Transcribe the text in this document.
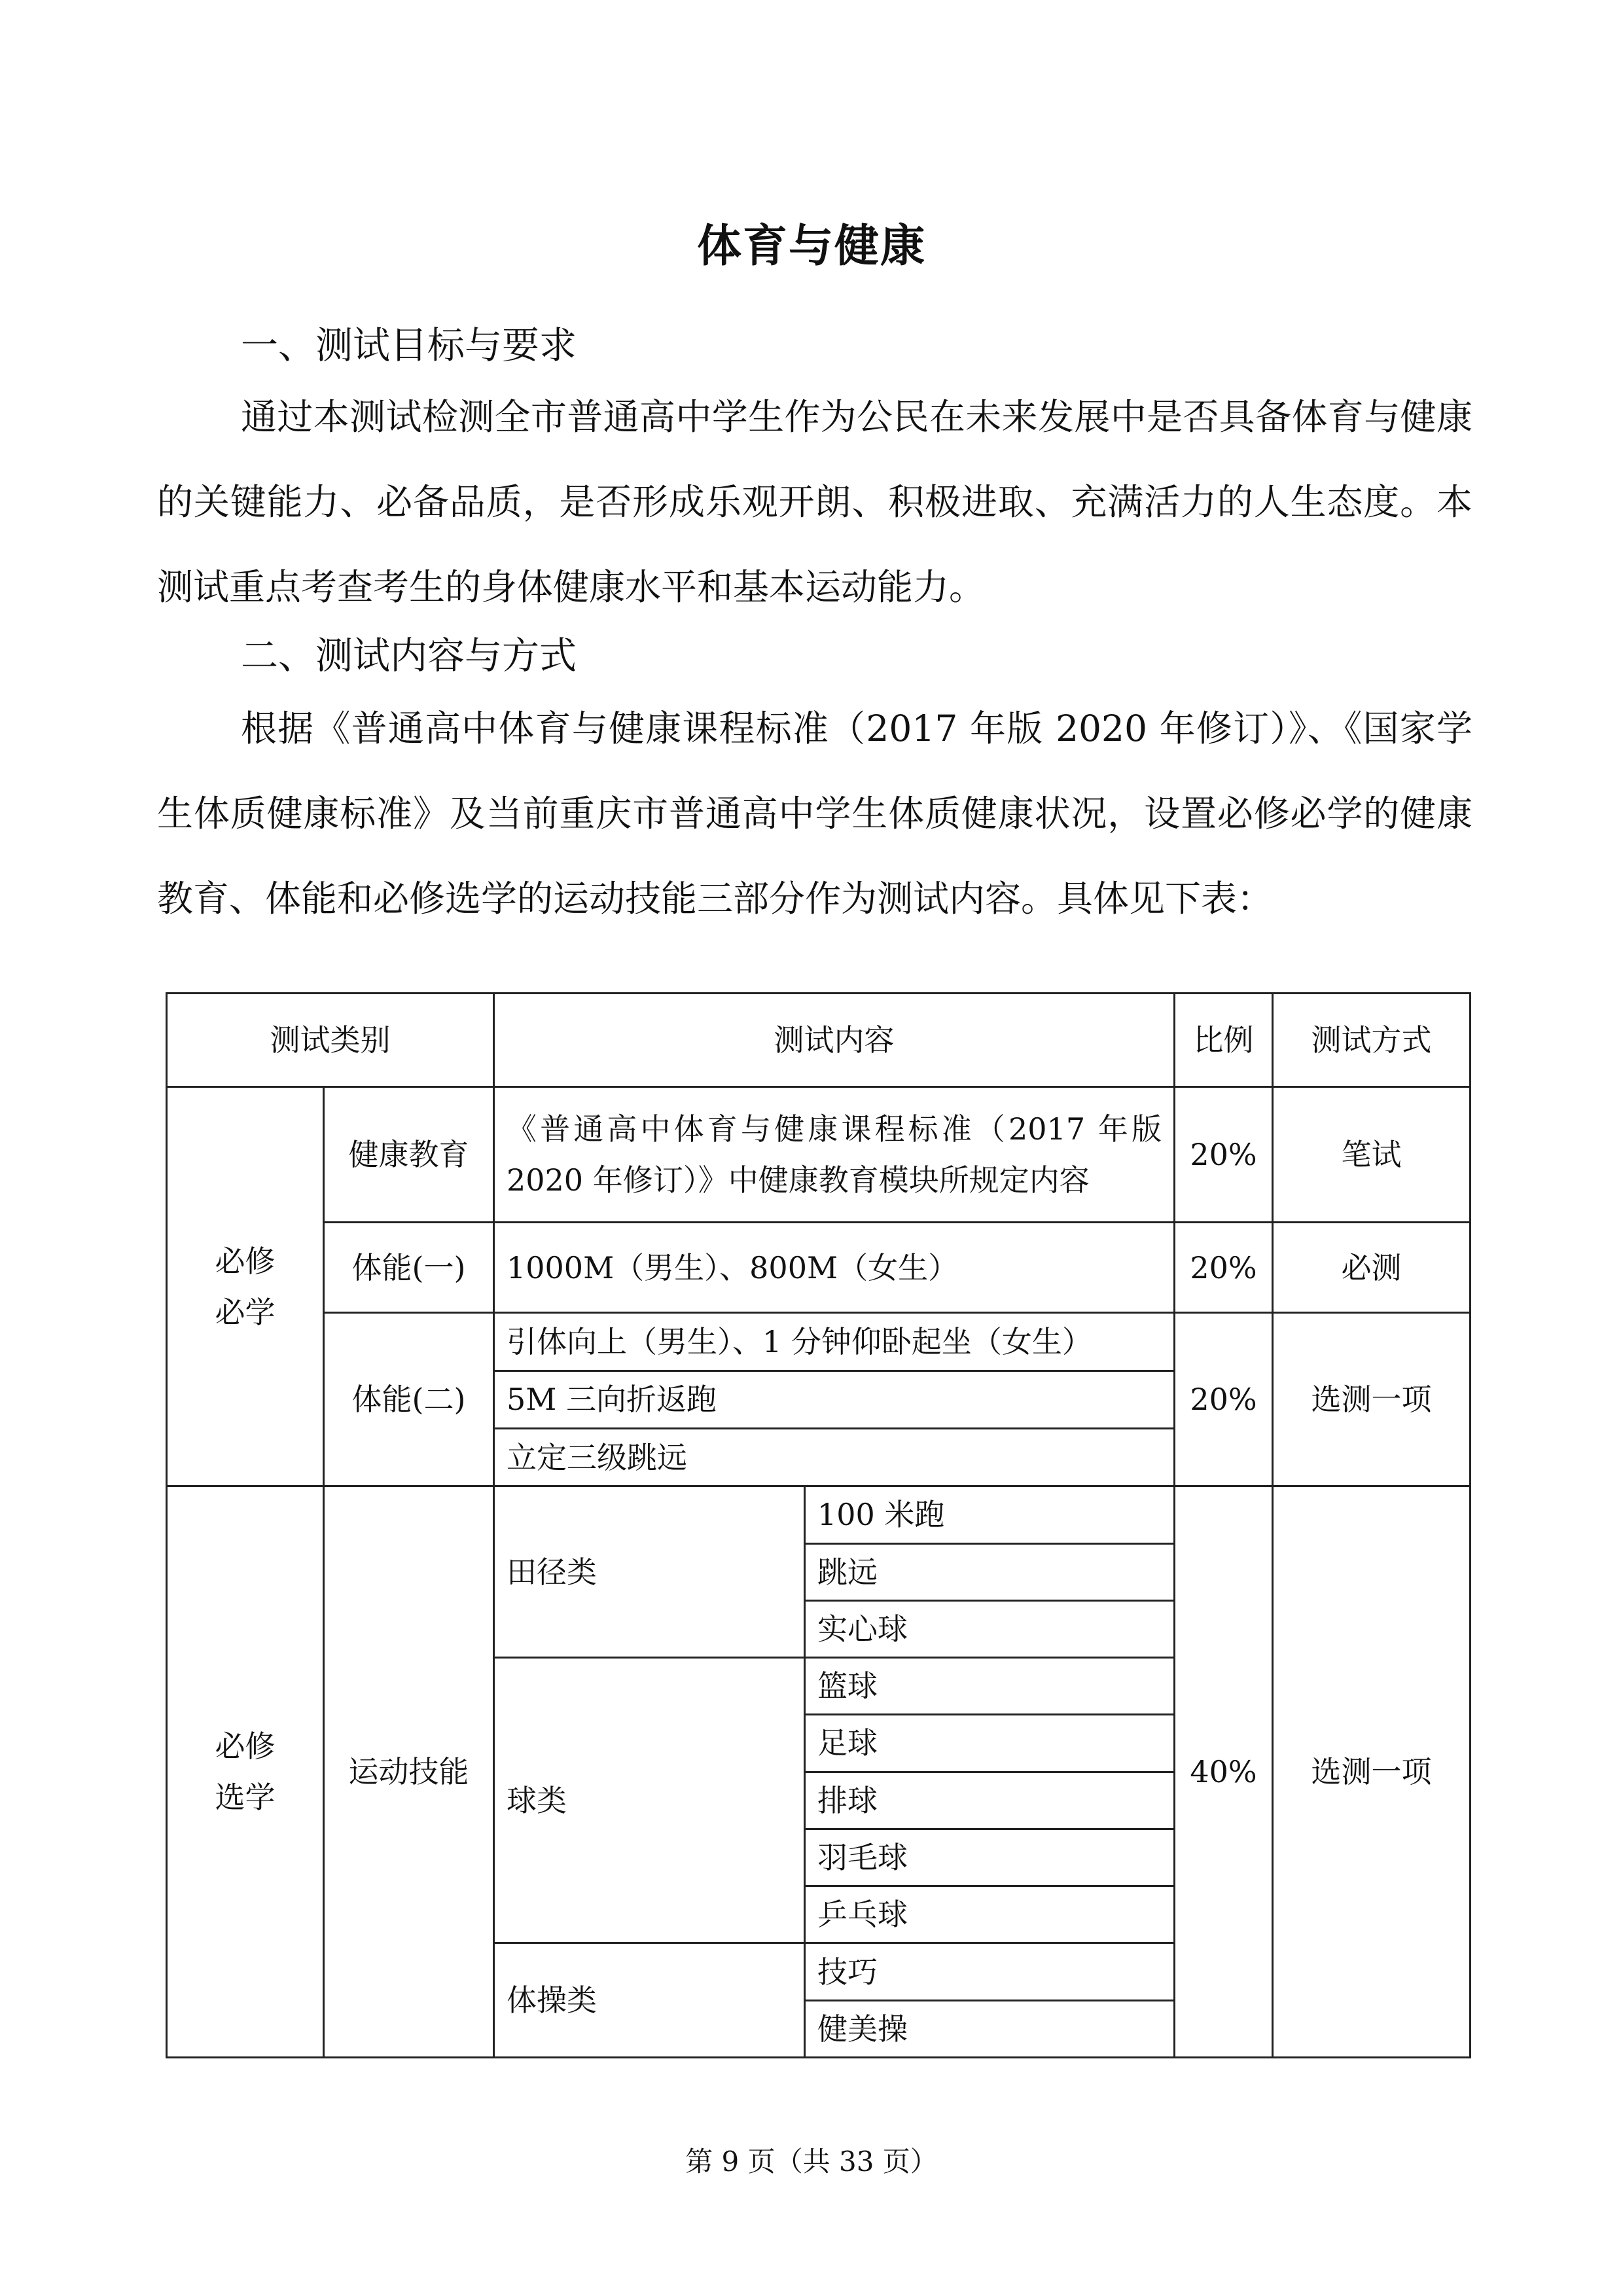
体育与健康
一、测试目标与要求

通过本测试检测全市普通高中学生作为公民在未来发展中是否具备体育与健康的关键能力、必备品质，是否形成乐观开朗、积极进取、充满活力的人生态度。本测试重点考查考生的身体健康水平和基本运动能力。

二、测试内容与方式

根据《普通高中体育与健康课程标准（2017 年版 2020 年修订）》、《国家学生体质健康标准》及当前重庆市普通高中学生体质健康状况，设置必修必学的健康教育、体能和必修选学的运动技能三部分作为测试内容。具体见下表：

测试类别		测试内容		比例	测试方式
必修必学	健康教育	《普通高中体育与健康课程标准（2017 年版 2020 年修订）》中健康教育模块所规定内容		20%	笔试
	体能(一)	1000M（男生）、800M（女生）		20%	必测
	体能(二)	引体向上（男生）、1 分钟仰卧起坐（女生）		20%	选测一项
		5M 三向折返跑			
		立定三级跳远			
必修选学	运动技能	田径类	100 米跑	40%	选测一项
			跳远		
			实心球		
		球类	篮球		
			足球		
			排球		
			羽毛球		
			乒乓球		
		体操类	技巧		
			健美操		
第 9 页（共 33 页）
